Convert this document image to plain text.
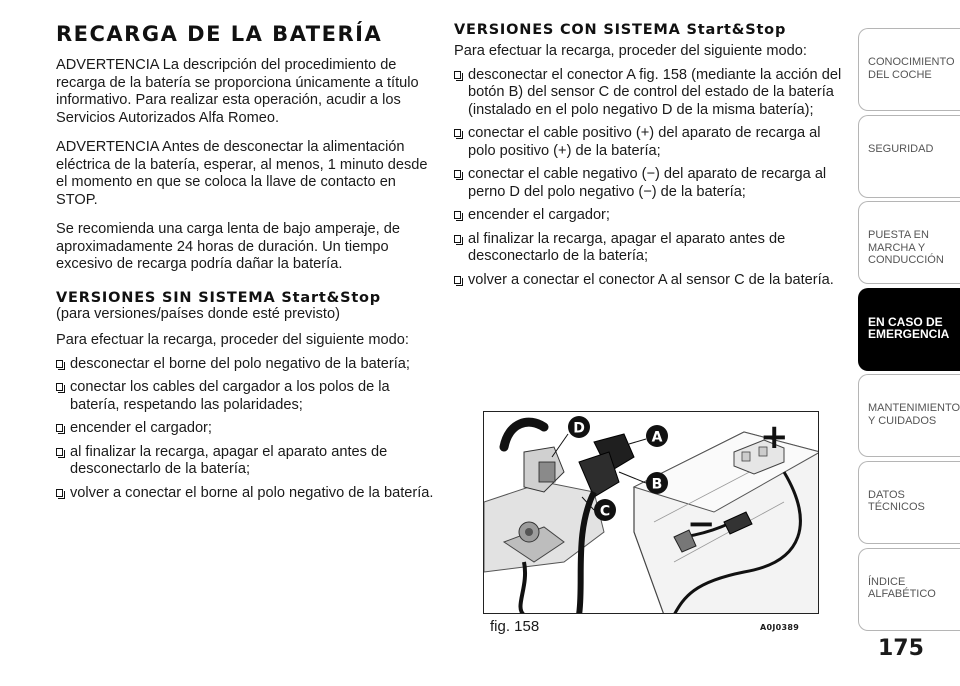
RECARGA DE LA BATERÍA

ADVERTENCIA La descripción del procedimiento de recarga de la batería se proporciona únicamente a título informativo. Para realizar esta operación, acudir a los Servicios Autorizados Alfa Romeo.

ADVERTENCIA Antes de desconectar la alimentación eléctrica de la batería, esperar, al menos, 1 minuto desde el momento en que se coloca la llave de contacto en STOP.

Se recomienda una carga lenta de bajo amperaje, de aproximadamente 24 horas de duración. Un tiempo excesivo de recarga podría dañar la batería.

VERSIONES SIN SISTEMA Start&Stop

(para versiones/países donde esté previsto)

Para efectuar la recarga, proceder del siguiente modo:

desconectar el borne del polo negativo de la batería;
conectar los cables del cargador a los polos de la batería, respetando las polaridades;
encender el cargador;
al finalizar la recarga, apagar el aparato antes de desconectarlo de la batería;
volver a conectar el borne al polo negativo de la batería.
VERSIONES CON SISTEMA Start&Stop

Para efectuar la recarga, proceder del siguiente modo:

desconectar el conector A fig. 158 (mediante la acción del botón B) del sensor C de control del estado de la batería (instalado en el polo negativo D de la misma batería);
conectar el cable positivo (+) del aparato de recarga al polo positivo (+) de la batería;
conectar el cable negativo (−) del aparato de recarga al perno D del polo negativo (−) de la batería;
encender el cargador;
al finalizar la recarga, apagar el aparato antes de desconectarlo de la batería;
volver a conectar el conector A al sensor C de la batería.
+
−
D
A
B
C
fig. 158	A0J0389
CONOCIMIENTO DEL COCHE
SEGURIDAD
PUESTA EN MARCHA Y CONDUCCIÓN
EN CASO DE EMERGENCIA
MANTENIMIENTO Y CUIDADOS
DATOS TÉCNICOS
ÍNDICE ALFABÉTICO
175
